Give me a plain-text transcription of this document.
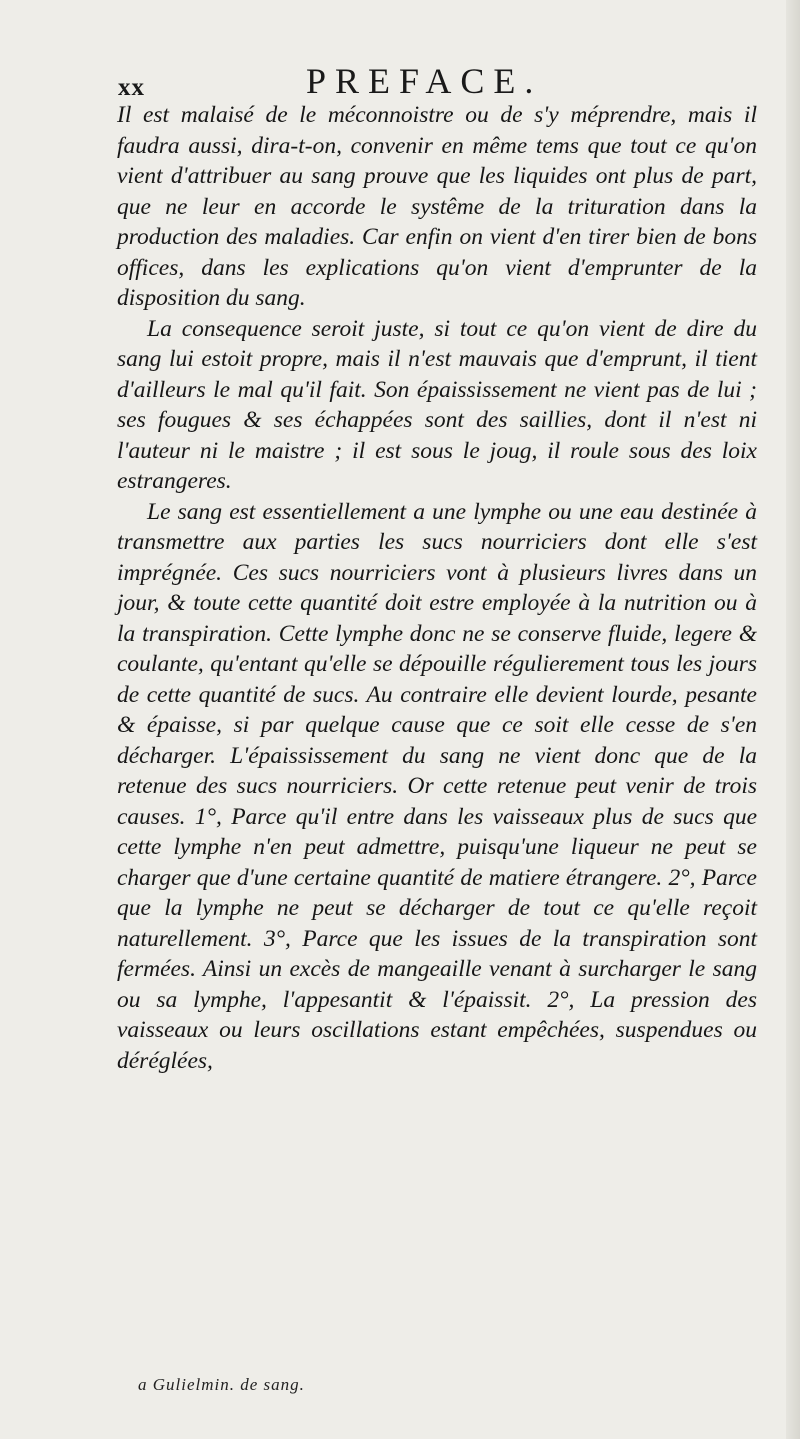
xx	PREFACE.

Il est malaisé de le méconnoistre ou de s'y méprendre, mais il faudra aussi, dira-t-on, convenir en même tems que tout ce qu'on vient d'attribuer au sang prouve que les liquides ont plus de part, que ne leur en accorde le systême de la trituration dans la production des maladies. Car enfin on vient d'en tirer bien de bons offices, dans les explications qu'on vient d'emprunter de la disposition du sang.

La consequence seroit juste, si tout ce qu'on vient de dire du sang lui estoit propre, mais il n'est mauvais que d'emprunt, il tient d'ailleurs le mal qu'il fait. Son épaississement ne vient pas de lui ; ses fougues & ses échappées sont des saillies, dont il n'est ni l'auteur ni le maistre ; il est sous le joug, il roule sous des loix estrangeres.

Le sang est essentiellement a une lymphe ou une eau destinée à transmettre aux parties les sucs nourriciers dont elle s'est imprégnée. Ces sucs nourriciers vont à plusieurs livres dans un jour, & toute cette quantité doit estre employée à la nutrition ou à la transpiration. Cette lymphe donc ne se conserve fluide, legere & coulante, qu'entant qu'elle se dépouille régulierement tous les jours de cette quantité de sucs. Au contraire elle devient lourde, pesante & épaisse, si par quelque cause que ce soit elle cesse de s'en décharger. L'épaississement du sang ne vient donc que de la retenue des sucs nourriciers. Or cette retenue peut venir de trois causes. 1°, Parce qu'il entre dans les vaisseaux plus de sucs que cette lymphe n'en peut admettre, puisqu'une liqueur ne peut se charger que d'une certaine quantité de matiere étrangere. 2°, Parce que la lymphe ne peut se décharger de tout ce qu'elle reçoit naturellement. 3°, Parce que les issues de la transpiration sont fermées. Ainsi un excès de mangeaille venant à surcharger le sang ou sa lymphe, l'appesantit & l'épaissit. 2°, La pression des vaisseaux ou leurs oscillations estant empêchées, suspendues ou déréglées,

a Gulielmin. de sang.
